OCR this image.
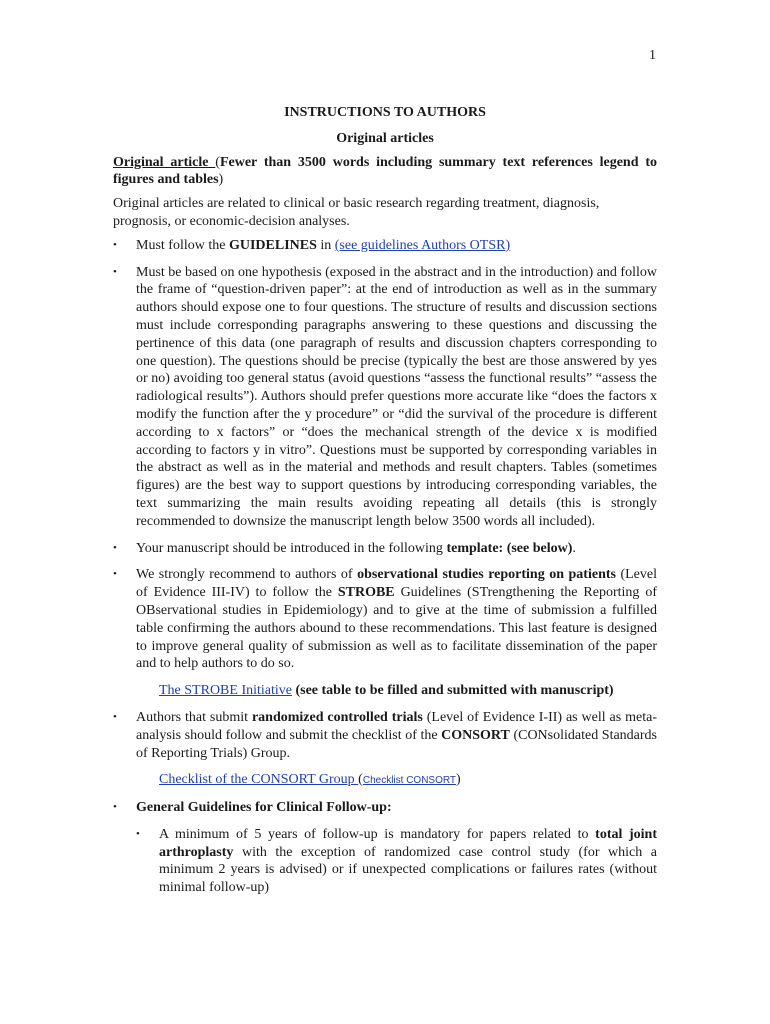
1
INSTRUCTIONS TO AUTHORS
Original articles
Original article (Fewer than 3500 words including summary text references legend to figures and tables)

Original articles are related to clinical or basic research regarding treatment, diagnosis, prognosis, or economic-decision analyses.

• Must follow the GUIDELINES in (see guidelines Authors OTSR)
• Must be based on one hypothesis (exposed in the abstract and in the introduction) and follow the frame of “question-driven paper”: at the end of introduction as well as in the summary authors should expose one to four questions. The structure of results and discussion sections must include corresponding paragraphs answering to these questions and discussing the pertinence of this data (one paragraph of results and discussion chapters corresponding to one question). The questions should be precise (typically the best are those answered by yes or no) avoiding too general status (avoid questions “assess the functional results” “assess the radiological results”). Authors should prefer questions more accurate like “does the factors x modify the function after the y procedure” or “did the survival of the procedure is different according to x factors” or “does the mechanical strength of the device x is modified according to factors y in vitro”. Questions must be supported by corresponding variables in the abstract as well as in the material and methods and result chapters. Tables (sometimes figures) are the best way to support questions by introducing corresponding variables, the text summarizing the main results avoiding repeating all details (this is strongly recommended to downsize the manuscript length below 3500 words all included).
• Your manuscript should be introduced in the following template: (see below).
• We strongly recommend to authors of observational studies reporting on patients (Level of Evidence III-IV) to follow the STROBE Guidelines (STrengthening the Reporting of OBservational studies in Epidemiology) and to give at the time of submission a fulfilled table confirming the authors abound to these recommendations. This last feature is designed to improve general quality of submission as well as to facilitate dissemination of the paper and to help authors to do so.
The STROBE Initiative (see table to be filled and submitted with manuscript)
• Authors that submit randomized controlled trials (Level of Evidence I-II) as well as meta-analysis should follow and submit the checklist of the CONSORT (CONsolidated Standards of Reporting Trials) Group.
Checklist of the CONSORT Group (Checklist CONSORT)
• General Guidelines for Clinical Follow-up:
• A minimum of 5 years of follow-up is mandatory for papers related to total joint arthroplasty with the exception of randomized case control study (for which a minimum 2 years is advised) or if unexpected complications or failures rates (without minimal follow-up)
